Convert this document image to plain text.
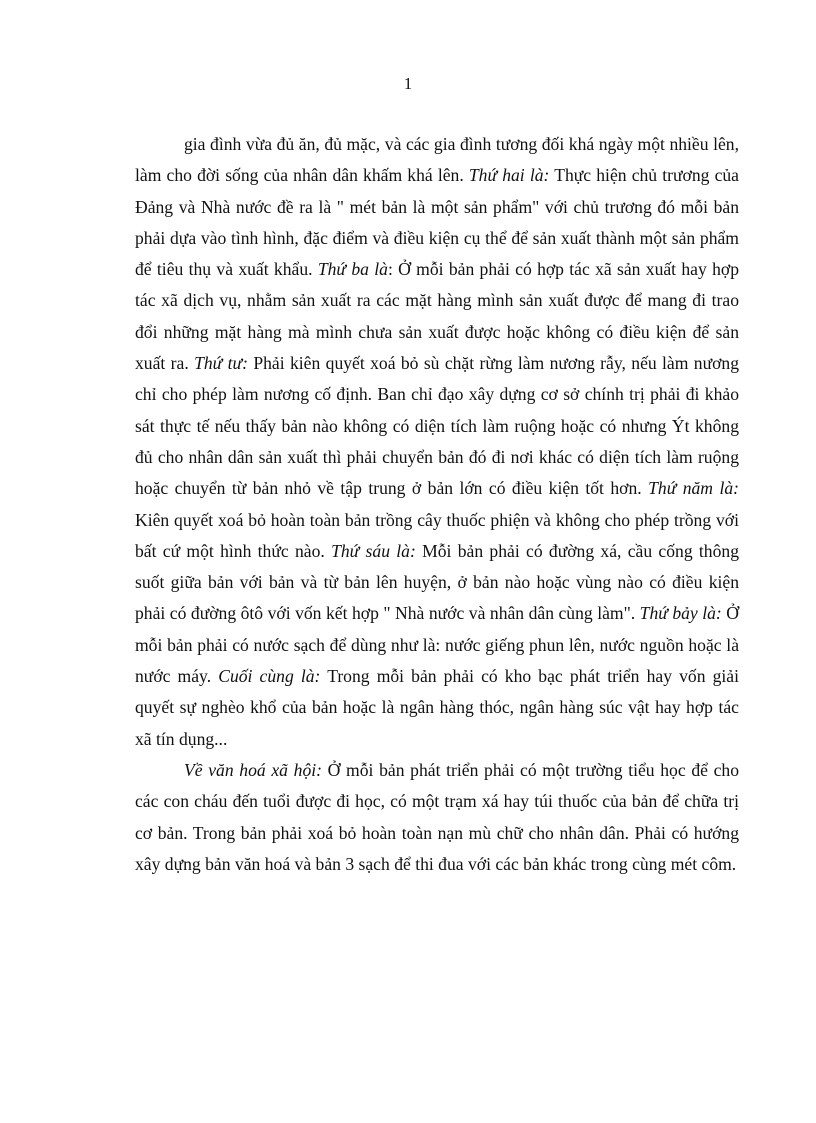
1

gia đình vừa đủ ăn, đủ mặc, và các gia đình tương đối khá ngày một nhiều lên, làm cho đời sống của nhân dân khấm khá lên. Thứ hai là: Thực hiện chủ trương của Đảng và Nhà nước đề ra là " mét bản là một sản phẩm" với chủ trương đó mỗi bản phải dựa vào tình hình, đặc điểm và điều kiện cụ thể để sản xuất thành một sản phẩm để tiêu thụ và xuất khẩu. Thứ ba là: Ở mỗi bản phải có hợp tác xã sản xuất hay hợp tác xã dịch vụ, nhằm sản xuất ra các mặt hàng mình sản xuất được để mang đi trao đổi những mặt hàng mà mình chưa sản xuất được hoặc không có điều kiện để sản xuất ra. Thứ tư: Phải kiên quyết xoá bỏ sù chặt rừng làm nương rẫy, nếu làm nương chỉ cho phép làm nương cố định. Ban chỉ đạo xây dựng cơ sở chính trị phải đi khảo sát thực tế nếu thấy bản nào không có diện tích làm ruộng hoặc có nhưng Ýt không đủ cho nhân dân sản xuất thì phải chuyển bản đó đi nơi khác có diện tích làm ruộng hoặc chuyển từ bản nhỏ về tập trung ở bản lớn có điều kiện tốt hơn. Thứ năm là: Kiên quyết xoá bỏ hoàn toàn bản trồng cây thuốc phiện và không cho phép trồng với bất cứ một hình thức nào. Thứ sáu là: Mỗi bản phải có đường xá, cầu cống thông suốt giữa bản với bản và từ bản lên huyện, ở bản nào hoặc vùng nào có điều kiện phải có đường ôtô với vốn kết hợp " Nhà nước và nhân dân cùng làm". Thứ bảy là: Ở mỗi bản phải có nước sạch để dùng như là: nước giếng phun lên, nước nguồn hoặc là nước máy. Cuối cùng là: Trong mỗi bản phải có kho bạc phát triển hay vốn giải quyết sự nghèo khổ của bản hoặc là ngân hàng thóc, ngân hàng súc vật hay hợp tác xã tín dụng...

Về văn hoá xã hội: Ở mỗi bản phát triển phải có một trường tiểu học để cho các con cháu đến tuổi được đi học, có một trạm xá hay túi thuốc của bản để chữa trị cơ bản. Trong bản phải xoá bỏ hoàn toàn nạn mù chữ cho nhân dân. Phải có hướng xây dựng bản văn hoá và bản 3 sạch để thi đua với các bản khác trong cùng mét côm.
